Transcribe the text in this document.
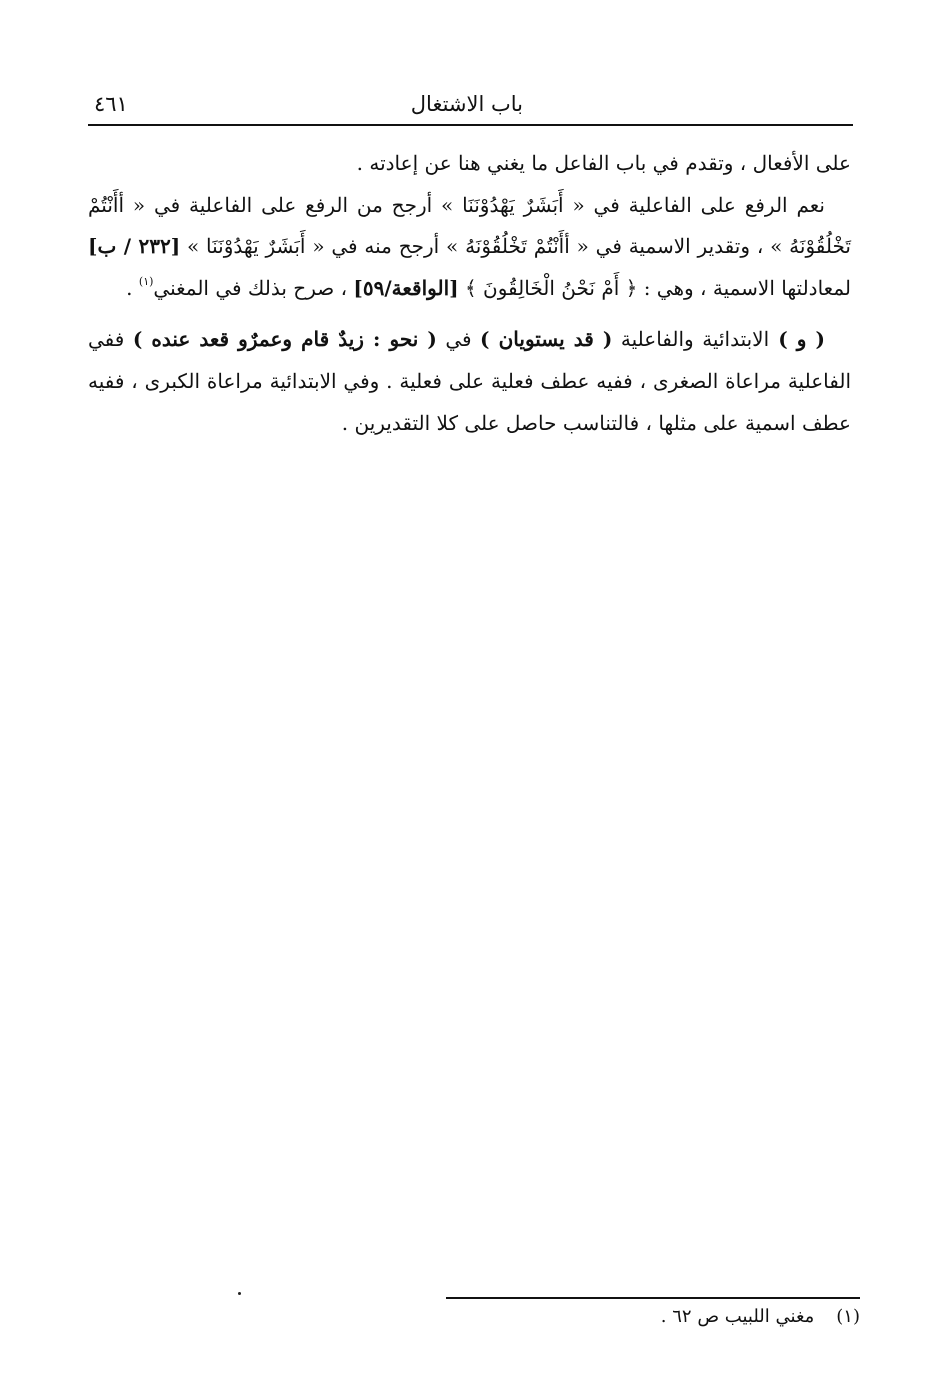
باب الاشتغال
٤٦١

على الأفعال ، وتقدم في باب الفاعل ما يغني هنا عن إعادته .

نعم الرفع على الفاعلية في « أَبَشَرٌ يَهْدُوْنَنَا » أرجح من الرفع على الفاعلية في « أأَنْتُمْ تَخْلُقُوْنَهُ » ، وتقدير الاسمية في « أأَنْتُمْ تَخْلُقُوْنَهُ » أرجح منه في « أَبَشَرٌ يَهْدُوْنَنَا » [٢٣٢ / ب] لمعادلتها الاسمية ، وهي : ﴿ أَمْ نَحْنُ الْخَالِقُونَ ﴾ [الواقعة/٥٩] ، صرح بذلك في المغني$^{(١)}$ .

( و ) الابتدائية والفاعلية ( قد يستويان ) في ( نحو : زيدٌ قام وعمرٌو قعد عنده ) ففي الفاعلية مراعاة الصغرى ، ففيه عطف فعلية على فعلية . وفي الابتدائية مراعاة الكبرى ، ففيه عطف اسمية على مثلها ، فالتناسب حاصل على كلا التقديرين .

(١)مغني اللبيب ص ٦٢ .
